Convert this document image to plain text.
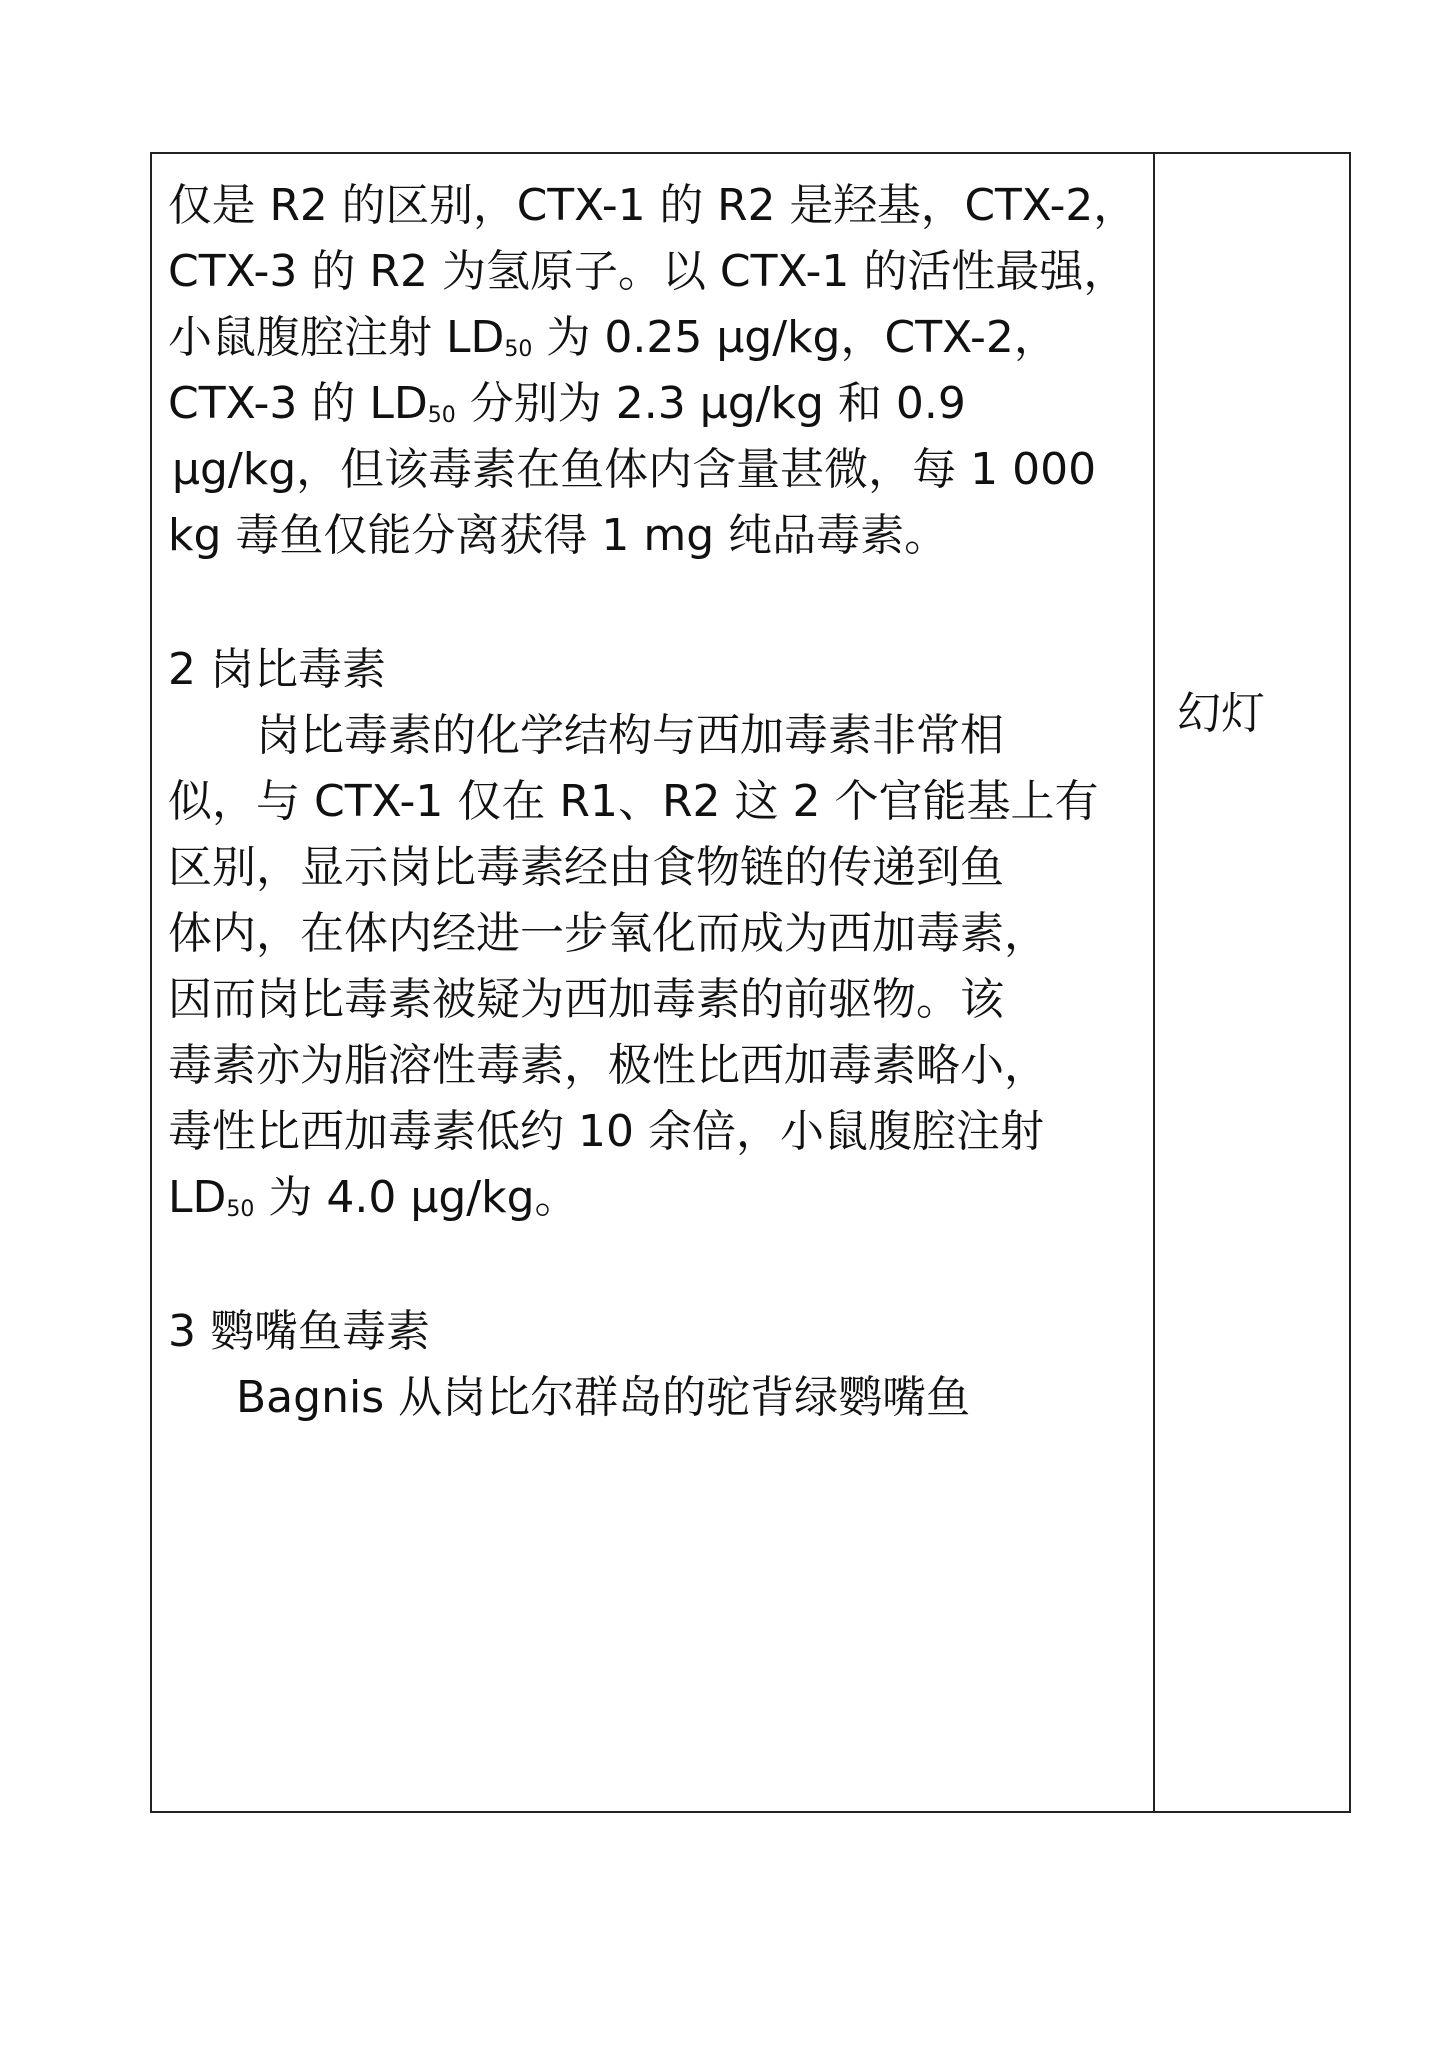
仅是 R2 的区别，CTX-1 的 R2 是羟基，CTX-2，
CTX-3 的 R2 为氢原子。以 CTX-1 的活性最强，
小鼠腹腔注射 $LD_{50}$ 为 0.25 μg/kg，CTX-2，
CTX-3 的 $LD_{50}$ 分别为 2.3 μg/kg 和 0.9
μg/kg，但该毒素在鱼体内含量甚微，每 1 000
kg 毒鱼仅能分离获得 1 mg 纯品毒素。
2 岗比毒素
岗比毒素的化学结构与西加毒素非常相
似，与 CTX-1 仅在 R1、R2 这 2 个官能基上有
区别，显示岗比毒素经由食物链的传递到鱼
体内，在体内经进一步氧化而成为西加毒素，
因而岗比毒素被疑为西加毒素的前驱物。该
毒素亦为脂溶性毒素，极性比西加毒素略小，
毒性比西加毒素低约 10 余倍，小鼠腹腔注射
$LD_{50}$ 为 4.0 μg/kg。
3 鹦嘴鱼毒素
Bagnis 从岗比尔群岛的驼背绿鹦嘴鱼
幻灯
